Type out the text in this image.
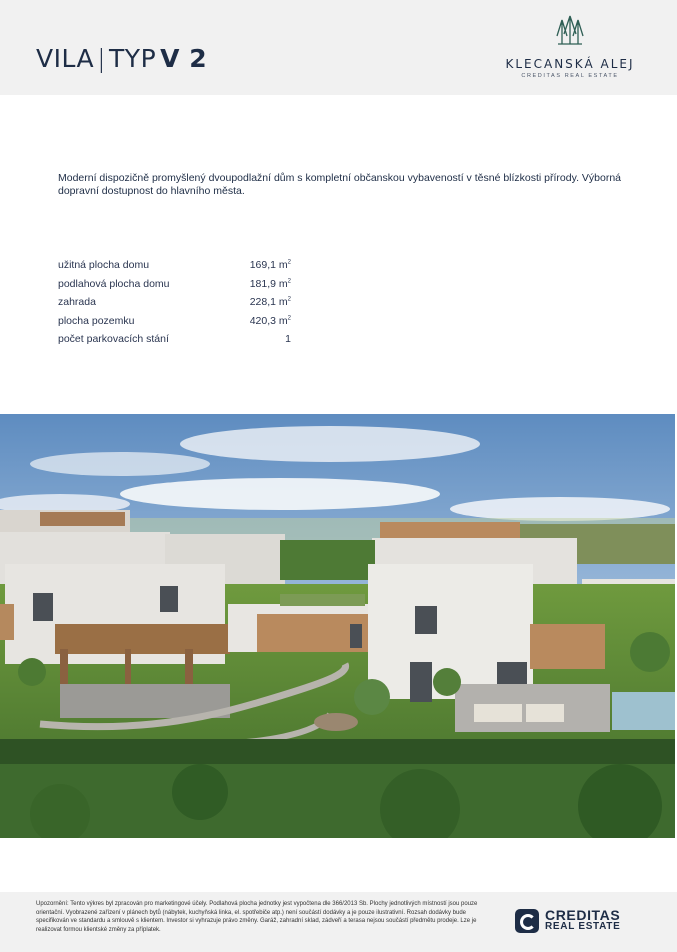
VILA | TYP V 2	KLECANSKÁ ALEJ
CREDITAS REAL ESTATE
Moderní dispozičně promyšlený dvoupodlažní dům s kompletní občanskou vybaveností v těsné blízkosti přírody. Výborná dopravní dostupnost do hlavního města.
užitná plocha domu	169,1 $m^2$
podlahová plocha domu	181,9 $m^2$
zahrada	228,1 $m^2$
plocha pozemku	420,3 $m^2$
počet parkovacích stání	1
Upozornění: Tento výkres byl zpracován pro marketingové účely. Podlahová plocha jednotky jest vypočtena dle 366/2013 Sb. Plochy jednotlivých místností jsou pouze orientační. Vyobrazené zařízení v plánech bytů (nábytek, kuchyňská linka, el. spotřebiče atp.) není součástí dodávky a je pouze ilustrativní. Rozsah dodávky bude specifikován ve standardu a smlouvě s klientem. Investor si vyhrazuje právo změny. Garáž, zahradní sklad, zádveří a terasa nejsou součástí předmětu prodeje. Lze je realizovat formou klientské změny za příplatek.
CREDITAS
REAL ESTATE
